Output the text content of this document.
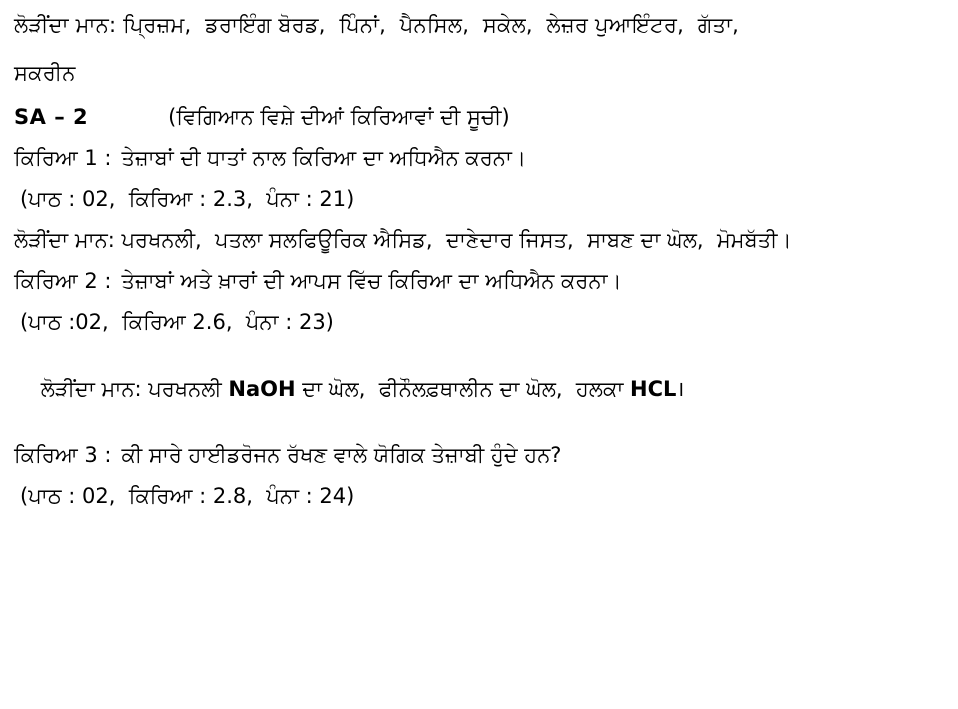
ਲੋੜੀਂਦਾ ਮਾਨ: ਪ੍ਰਿਜ਼ਮ,  ਡਰਾਇੰਗ ਬੋਰਡ,  ਪਿੰਨਾਂ,  ਪੈਨਸਿਲ,  ਸਕੇਲ,  ਲੇਜ਼ਰ ਪੁਆਇੰਟਰ,  ਗੱਤਾ,
ਸਕਰੀਨ
SA – 2	(ਵਿਗਿਆਨ ਵਿਸ਼ੇ ਦੀਆਂ ਕਿਰਿਆਵਾਂ ਦੀ ਸੂਚੀ)
ਕਿਰਿਆ 1 : ਤੇਜ਼ਾਬਾਂ ਦੀ ਧਾਤਾਂ ਨਾਲ ਕਿਰਿਆ ਦਾ ਅਧਿਐਨ ਕਰਨਾ।
(ਪਾਠ : 02,  ਕਿਰਿਆ : 2.3,  ਪੰਨਾ : 21)
ਲੋੜੀਂਦਾ ਮਾਨ: ਪਰਖਨਲੀ,  ਪਤਲਾ ਸਲਫਿਊਰਿਕ ਐਸਿਡ,  ਦਾਣੇਦਾਰ ਜਿਸਤ,  ਸਾਬਣ ਦਾ ਘੋਲ,  ਮੋਮਬੱਤੀ।
ਕਿਰਿਆ 2 : ਤੇਜ਼ਾਬਾਂ ਅਤੇ ਖ਼ਾਰਾਂ ਦੀ ਆਪਸ ਵਿੱਚ ਕਿਰਿਆ ਦਾ ਅਧਿਐਨ ਕਰਨਾ।
(ਪਾਠ :02,  ਕਿਰਿਆ 2.6,  ਪੰਨਾ : 23)

ਲੋੜੀਂਦਾ ਮਾਨ: ਪਰਖਨਲੀ NaOH ਦਾ ਘੋਲ,  ਫੀਨੌਲਫ਼ਥਾਲੀਨ ਦਾ ਘੋਲ,  ਹਲਕਾ HCL।

ਕਿਰਿਆ 3 : ਕੀ ਸਾਰੇ ਹਾਈਡਰੋਜਨ ਰੱਖਣ ਵਾਲੇ ਯੋਗਿਕ ਤੇਜ਼ਾਬੀ ਹੁੰਦੇ ਹਨ?
(ਪਾਠ : 02,  ਕਿਰਿਆ : 2.8,  ਪੰਨਾ : 24)
